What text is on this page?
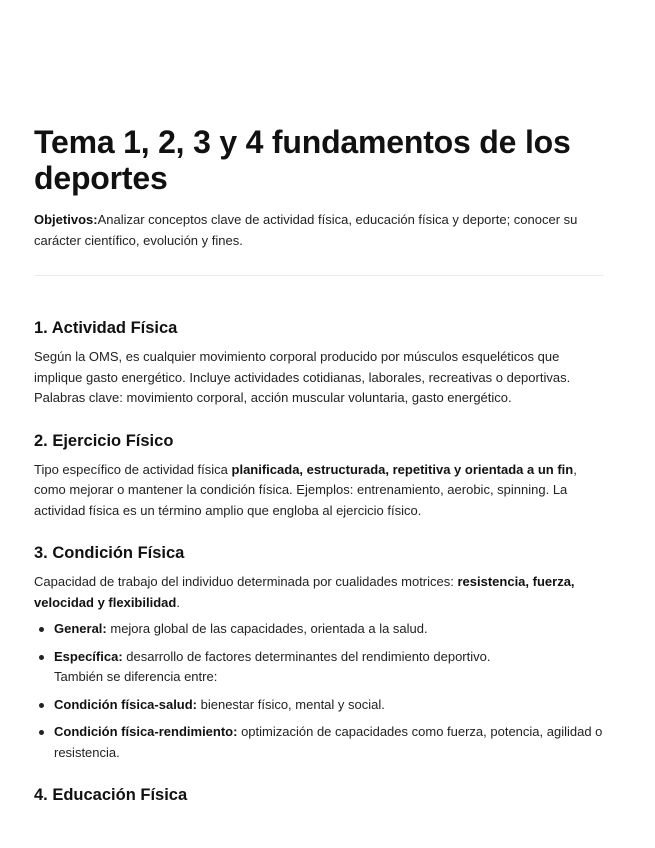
Tema 1, 2, 3 y 4 fundamentos de los deportes

Objetivos:Analizar conceptos clave de actividad física, educación física y deporte; conocer su carácter científico, evolución y fines.

1. Actividad Física

Según la OMS, es cualquier movimiento corporal producido por músculos esqueléticos que implique gasto energético. Incluye actividades cotidianas, laborales, recreativas o deportivas. Palabras clave: movimiento corporal, acción muscular voluntaria, gasto energético.

2. Ejercicio Físico

Tipo específico de actividad física planificada, estructurada, repetitiva y orientada a un fin, como mejorar o mantener la condición física. Ejemplos: entrenamiento, aerobic, spinning. La actividad física es un término amplio que engloba al ejercicio físico.

3. Condición Física

Capacidad de trabajo del individuo determinada por cualidades motrices: resistencia, fuerza, velocidad y flexibilidad.

General: mejora global de las capacidades, orientada a la salud.
Específica: desarrollo de factores determinantes del rendimiento deportivo.
También se diferencia entre:
Condición física-salud: bienestar físico, mental y social.
Condición física-rendimiento: optimización de capacidades como fuerza, potencia, agilidad o resistencia.
4. Educación Física
